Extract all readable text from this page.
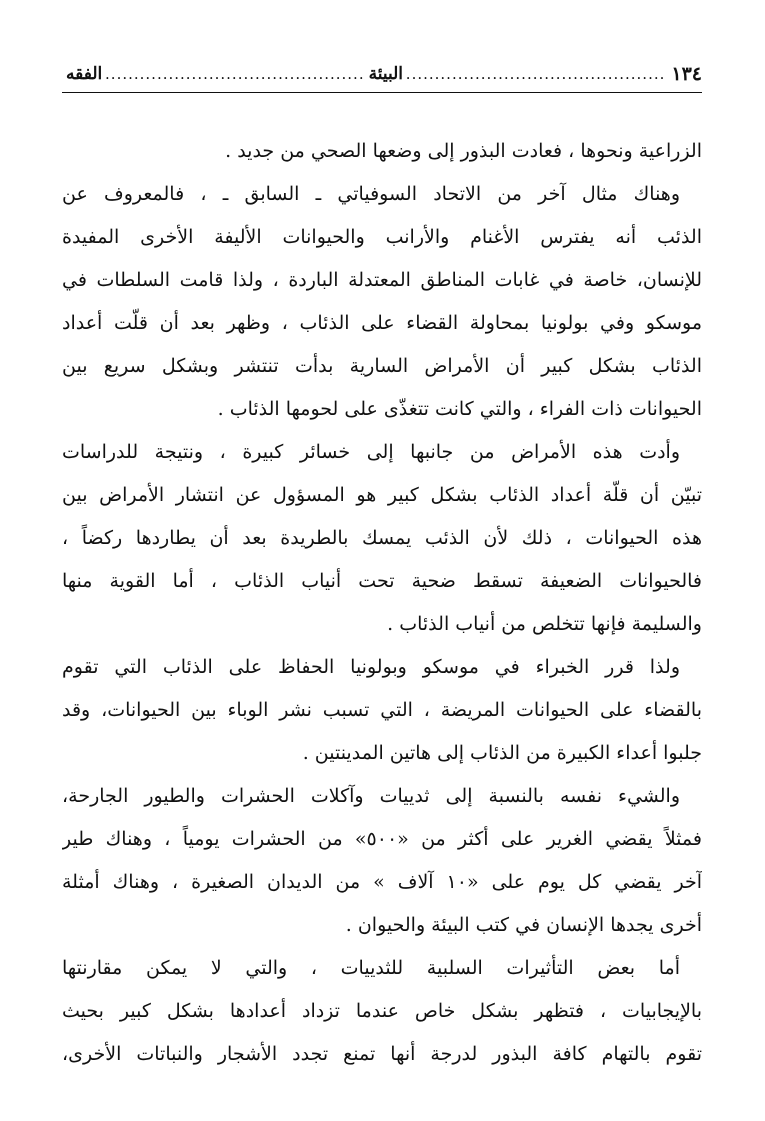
١٣٤
.....
البيئة
.....
الفقه
الزراعية ونحوها ، فعادت البذور إلى وضعها الصحي من جديد .
وهناك مثال آخر من الاتحاد السوفياتي ـ السابق ـ ، فالمعروف عن
الذئب أنه يفترس الأغنام والأرانب والحيوانات الأليفة الأخرى المفيدة
للإنسان، خاصة في غابات المناطق المعتدلة الباردة ، ولذا قامت السلطات في
موسكو وفي بولونيا بمحاولة القضاء على الذئاب ، وظهر بعد أن قلّت أعداد
الذئاب بشكل كبير أن الأمراض السارية بدأت تنتشر وبشكل سريع بين
الحيوانات ذات الفراء ، والتي كانت تتغذّى على لحومها الذئاب .
وأدت هذه الأمراض من جانبها إلى خسائر كبيرة ، ونتيجة للدراسات
تبيّن أن قلّة أعداد الذئاب بشكل كبير هو المسؤول عن انتشار الأمراض بين
هذه الحيوانات ، ذلك لأن الذئب يمسك بالطريدة بعد أن يطاردها ركضاً ،
فالحيوانات الضعيفة تسقط ضحية تحت أنياب الذئاب ، أما القوية منها
والسليمة فإنها تتخلص من أنياب الذئاب .
ولذا قرر الخبراء في موسكو وبولونيا الحفاظ على الذئاب التي تقوم
بالقضاء على الحيوانات المريضة ، التي تسبب نشر الوباء بين الحيوانات، وقد
جلبوا أعداء الكبيرة من الذئاب إلى هاتين المدينتين .
والشيء نفسه بالنسبة إلى ثدييات وآكلات الحشرات والطيور الجارحة،
فمثلاً يقضي الغرير على أكثر من «٥٠٠» من الحشرات يومياً ، وهناك طير
آخر يقضي كل يوم على «١٠ آلاف » من الديدان الصغيرة ، وهناك أمثلة
أخرى يجدها الإنسان في كتب البيئة والحيوان .
أما بعض التأثيرات السلبية للثدييات ، والتي لا يمكن مقارنتها
بالإيجابيات ، فتظهر بشكل خاص عندما تزداد أعدادها بشكل كبير بحيث
تقوم بالتهام كافة البذور لدرجة أنها تمنع تجدد الأشجار والنباتات الأخرى،
